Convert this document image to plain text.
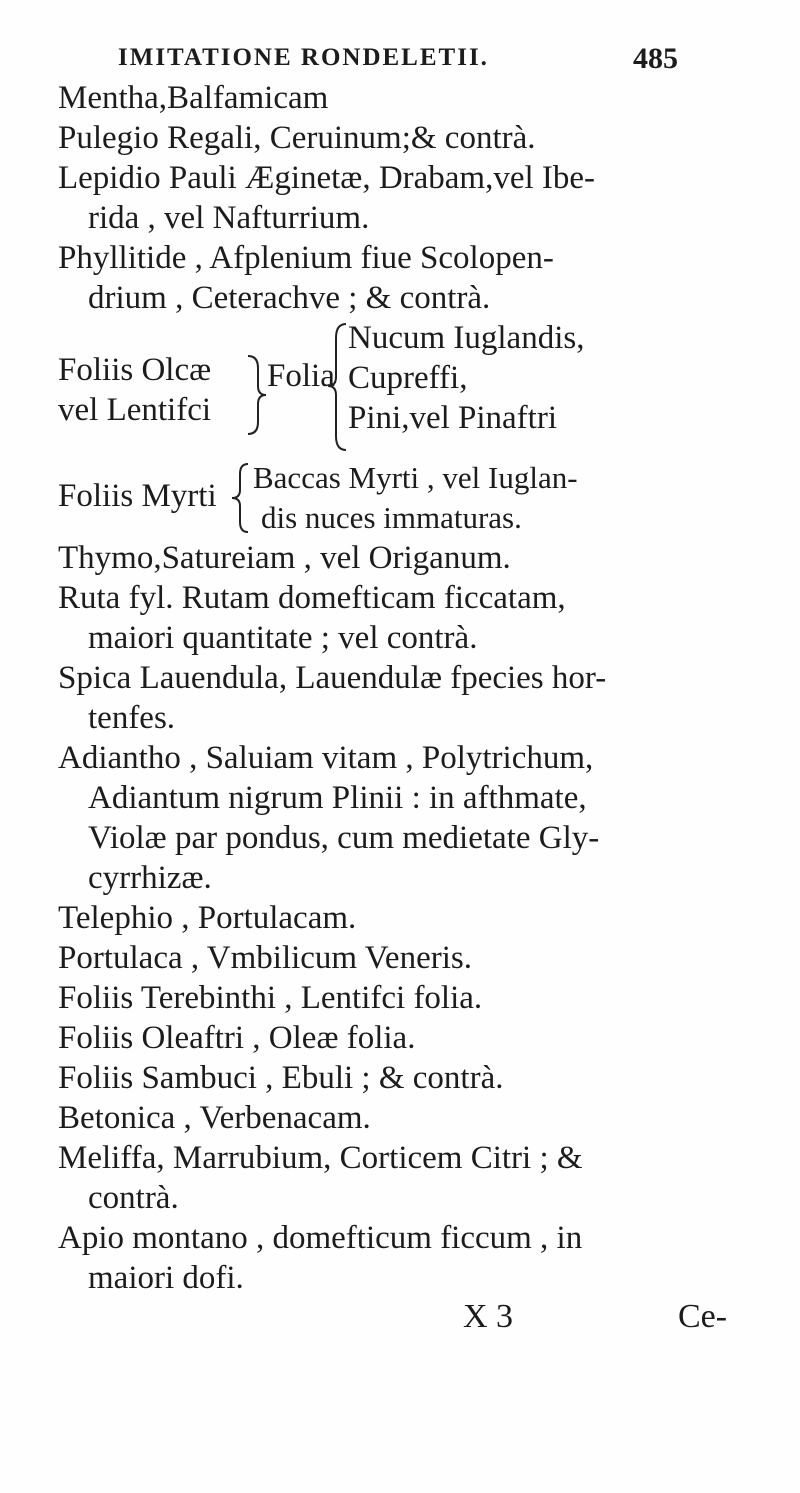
IMITATIONE RONDELETII.	485
Mentha,Balfamicam
Pulegio Regali, Ceruinum;& contrà.
Lepidio Pauli Æginetæ, Drabam,vel Ibe-
rida , vel Nafturrium.
Phyllitide , Afplenium fiue Scolopen-
drium , Ceterachve ; & contrà.
Foliis Olcæ
vel Lentifci
Folia
Nucum Iuglandis,
Cupreffi,
Pini,vel Pinaftri
Foliis Myrti
Baccas Myrti , vel Iuglan-
dis nuces immaturas.
Thymo,Satureiam , vel Origanum.
Ruta fyl. Rutam domefticam ficcatam,
maiori quantitate ; vel contrà.
Spica Lauendula, Lauendulæ fpecies hor-
tenfes.
Adiantho , Saluiam vitam , Polytrichum,
Adiantum nigrum Plinii : in afthmate,
Violæ par pondus, cum medietate Gly-
cyrrhizæ.
Telephio , Portulacam.
Portulaca , Vmbilicum Veneris.
Foliis Terebinthi , Lentifci folia.
Foliis Oleaftri , Oleæ folia.
Foliis Sambuci , Ebuli ; & contrà.
Betonica , Verbenacam.
Meliffa, Marrubium, Corticem Citri ; &
contrà.
Apio montano , domefticum ficcum , in
maiori dofi.
X 3	Ce-
